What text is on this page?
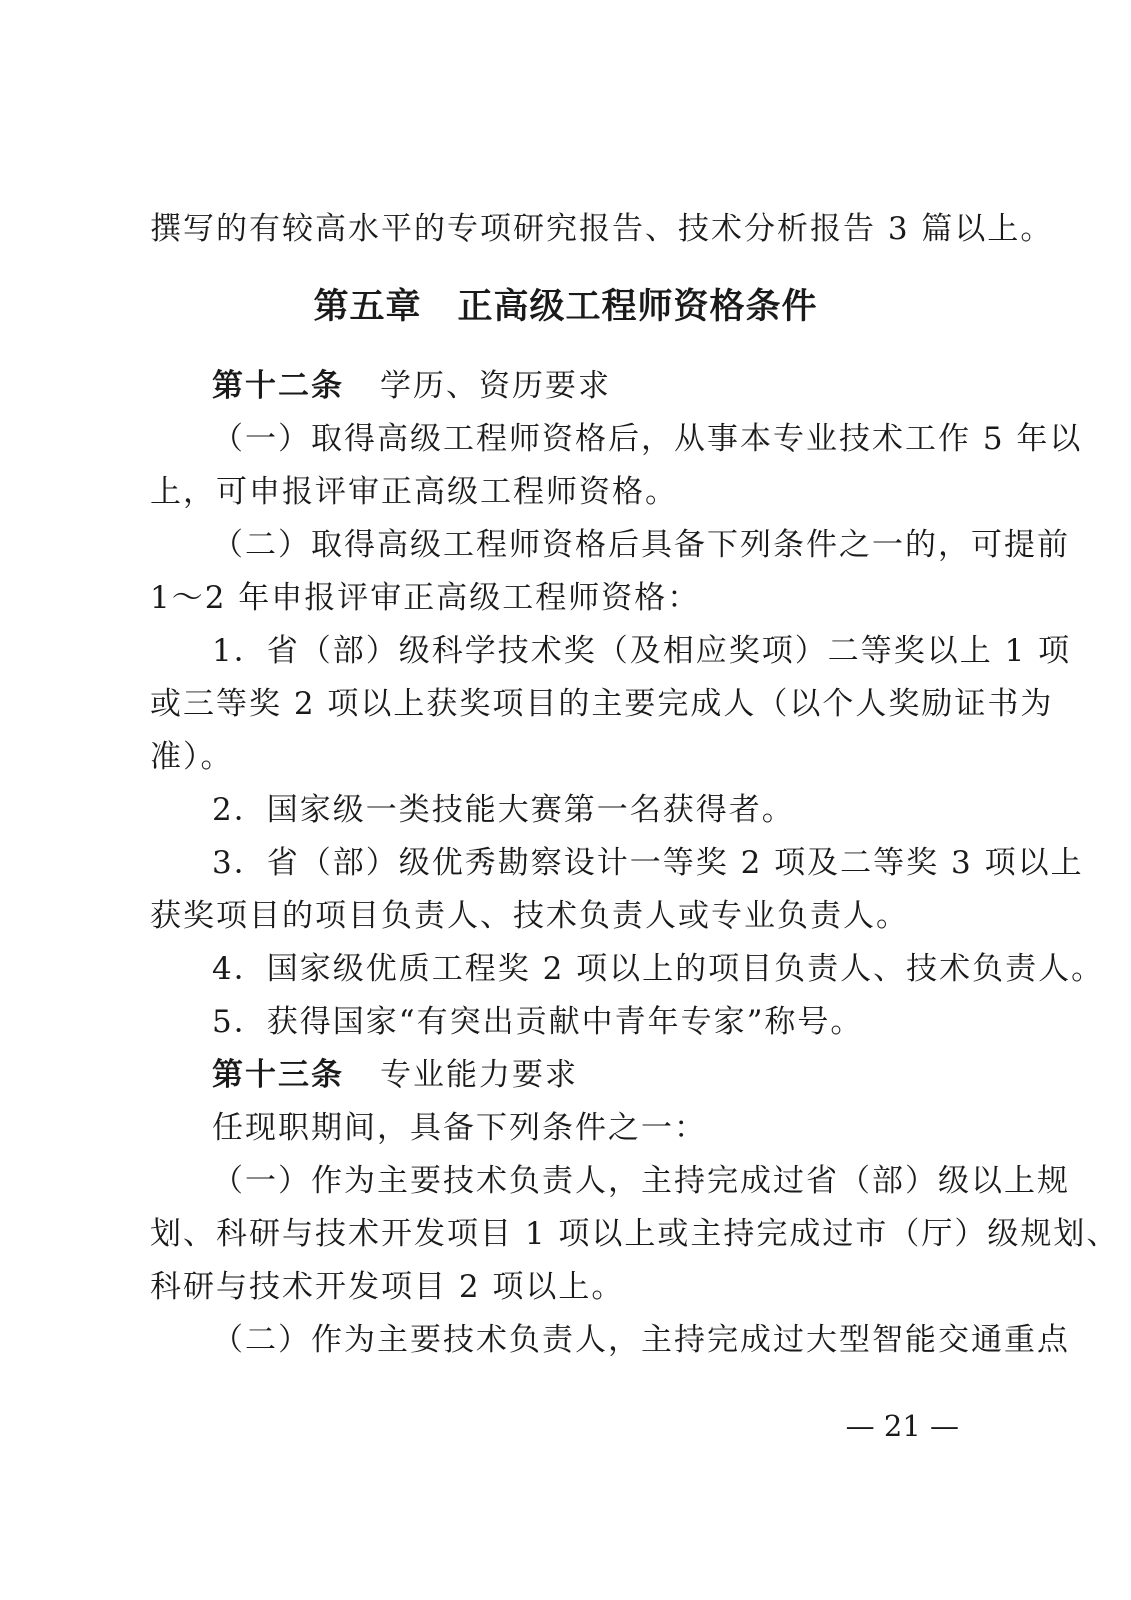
撰写的有较高水平的专项研究报告、技术分析报告 3 篇以上。
第五章　正高级工程师资格条件
第十二条 学历、资历要求
（一）取得高级工程师资格后，从事本专业技术工作 5 年以
上，可申报评审正高级工程师资格。
（二）取得高级工程师资格后具备下列条件之一的，可提前
1～2 年申报评审正高级工程师资格：
1．省（部）级科学技术奖（及相应奖项）二等奖以上 1 项
或三等奖 2 项以上获奖项目的主要完成人（以个人奖励证书为
准）。
2．国家级一类技能大赛第一名获得者。
3．省（部）级优秀勘察设计一等奖 2 项及二等奖 3 项以上
获奖项目的项目负责人、技术负责人或专业负责人。
4．国家级优质工程奖 2 项以上的项目负责人、技术负责人。
5．获得国家“有突出贡献中青年专家”称号。
第十三条 专业能力要求
任现职期间，具备下列条件之一：
（一）作为主要技术负责人，主持完成过省（部）级以上规
划、科研与技术开发项目 1 项以上或主持完成过市（厅）级规划、
科研与技术开发项目 2 项以上。
（二）作为主要技术负责人，主持完成过大型智能交通重点
— 21 —
